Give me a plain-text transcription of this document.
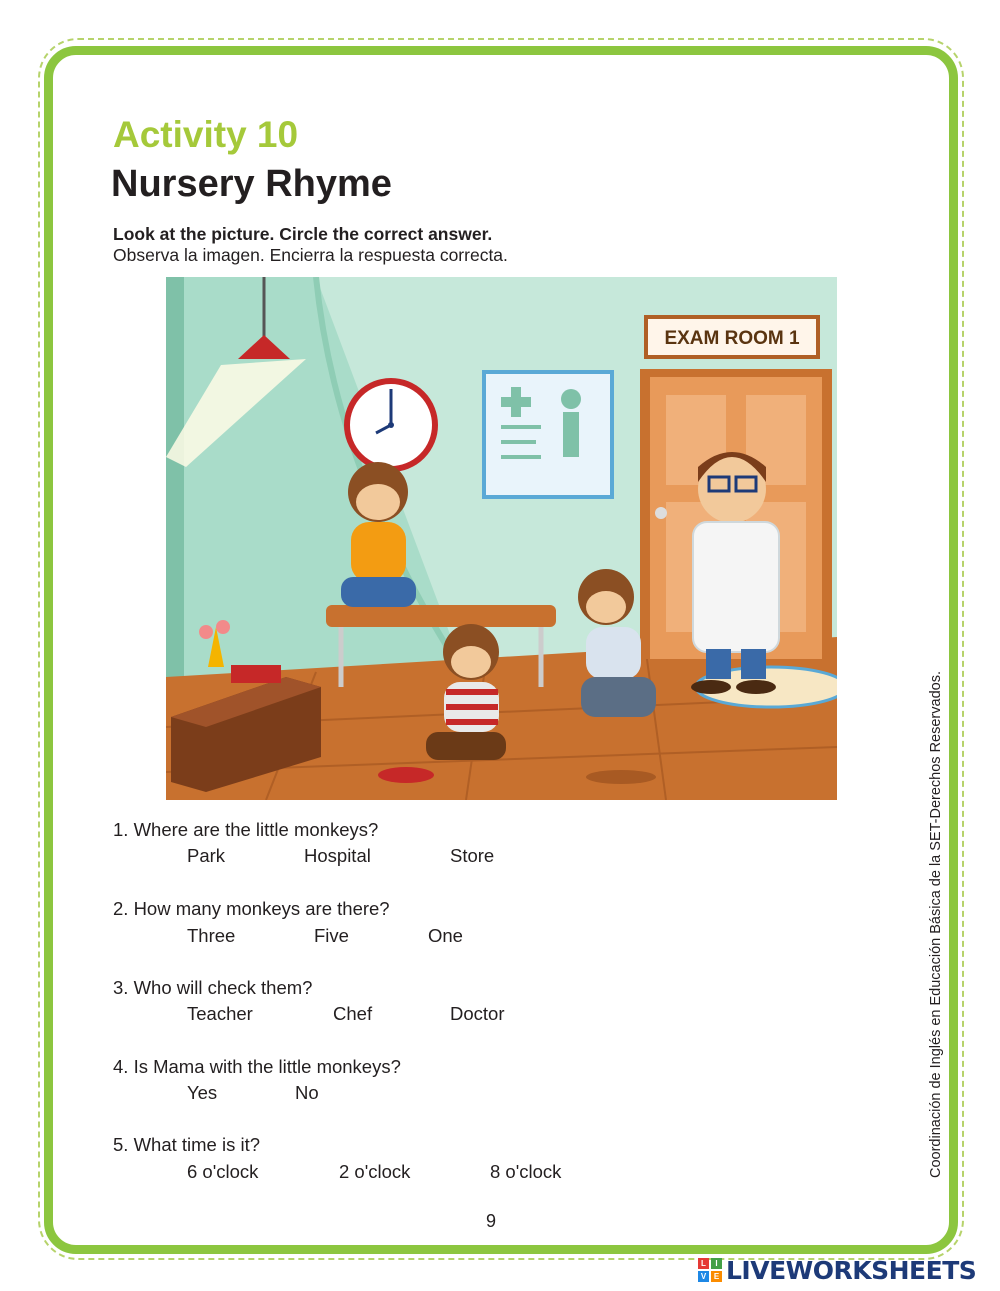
Activity 10
Nursery Rhyme
Look at the picture. Circle the correct answer.
Observa la imagen. Encierra la respuesta correcta.
EXAM ROOM 1
1. Where are the little monkeys?
Park	Hospital	Store
2. How many monkeys are there?
Three	Five	One
3. Who will check them?
Teacher	Chef	Doctor
4. Is Mama with the little monkeys?
Yes	No
5. What time is it?
6 o'clock	2 o'clock	8 o'clock
9
Coordinación de Inglés en Educación Básica de la SET-Derechos Reservados.
L	I
V E LIVEWORKSHEETS
